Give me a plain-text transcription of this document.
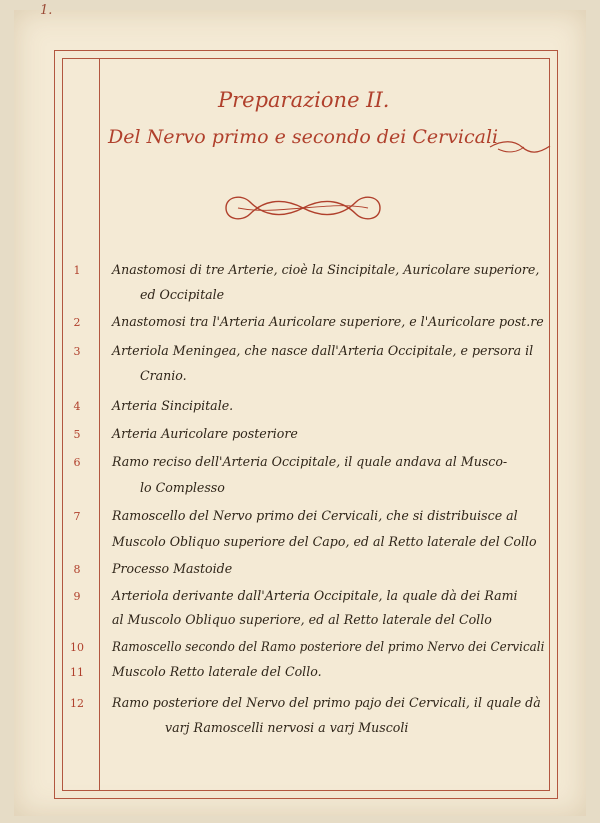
1.
Preparazione II.
Del Nervo primo e secondo dei Cervicali
1
2
3
4
5
6
7
8
9
10
11
12
Anastomosi di tre Arterie, cioè la Sincipitale, Auricolare superiore,
ed Occipitale
Anastomosi tra l'Arteria Auricolare superiore, e l'Auricolare post.re
Arteriola Meningea, che nasce dall'Arteria Occipitale, e persora il
Cranio.
Arteria Sincipitale.
Arteria Auricolare posteriore
Ramo reciso dell'Arteria Occipitale, il quale andava al Musco-
lo Complesso
Ramoscello del Nervo primo dei Cervicali, che si distribuisce al
Muscolo Obliquo superiore del Capo, ed al Retto laterale del Collo
Processo Mastoide
Arteriola derivante dall'Arteria Occipitale, la quale dà dei Rami
al Muscolo Obliquo superiore, ed al Retto laterale del Collo
Ramoscello secondo del Ramo posteriore del primo Nervo dei Cervicali
Muscolo Retto laterale del Collo.
Ramo posteriore del Nervo del primo pajo dei Cervicali, il quale dà
varj Ramoscelli nervosi a varj Muscoli
